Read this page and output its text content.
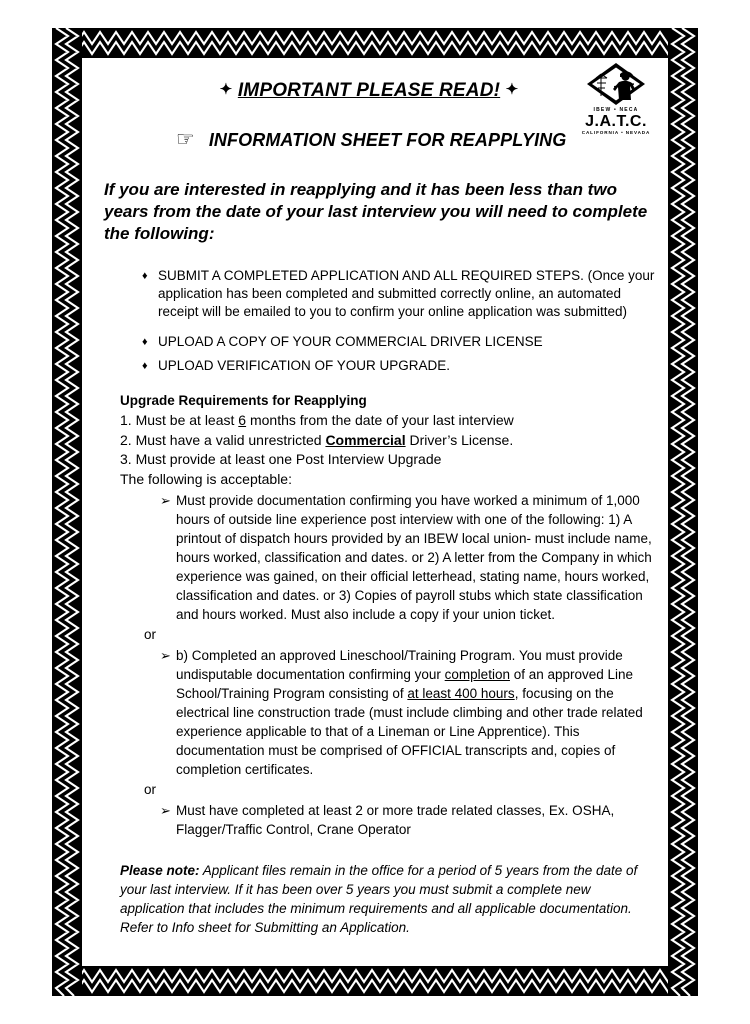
IBEW • NECA
J.A.T.C.
CALIFORNIA • NEVADA
✦ IMPORTANT PLEASE READ! ✦
☞ INFORMATION SHEET FOR REAPPLYING

If you are interested in reapplying and it has been less than two years from the date of your last interview you will need to complete the following:

♦ SUBMIT A COMPLETED APPLICATION AND ALL REQUIRED STEPS. (Once your application has been completed and submitted correctly online, an automated receipt will be emailed to you to confirm your online application was submitted)
♦ UPLOAD A COPY OF YOUR COMMERCIAL DRIVER LICENSE
♦ UPLOAD VERIFICATION OF YOUR UPGRADE.
Upgrade Requirements for Reapplying
1. Must be at least 6 months from the date of your last interview
2. Must have a valid unrestricted Commercial Driver’s License.
3. Must provide at least one Post Interview Upgrade
The following is acceptable:
➢ Must provide documentation confirming you have worked a minimum of 1,000 hours of outside line experience post interview with one of the following: 1) A printout of dispatch hours provided by an IBEW local union- must include name, hours worked, classification and dates. or 2) A letter from the Company in which experience was gained, on their official letterhead, stating name, hours worked, classification and dates. or 3) Copies of payroll stubs which state classification and hours worked. Must also include a copy if your union ticket.
or
➢ b) Completed an approved Lineschool/Training Program. You must provide undisputable documentation confirming your completion of an approved Line School/Training Program consisting of at least 400 hours, focusing on the electrical line construction trade (must include climbing and other trade related experience applicable to that of a Lineman or Line Apprentice). This documentation must be comprised of OFFICIAL transcripts and, copies of completion certificates.
or
➢ Must have completed at least 2 or more trade related classes, Ex. OSHA, Flagger/Traffic Control, Crane Operator

Please note: Applicant files remain in the office for a period of 5 years from the date of your last interview. If it has been over 5 years you must submit a complete new application that includes the minimum requirements and all applicable documentation. Refer to Info sheet for Submitting an Application.
